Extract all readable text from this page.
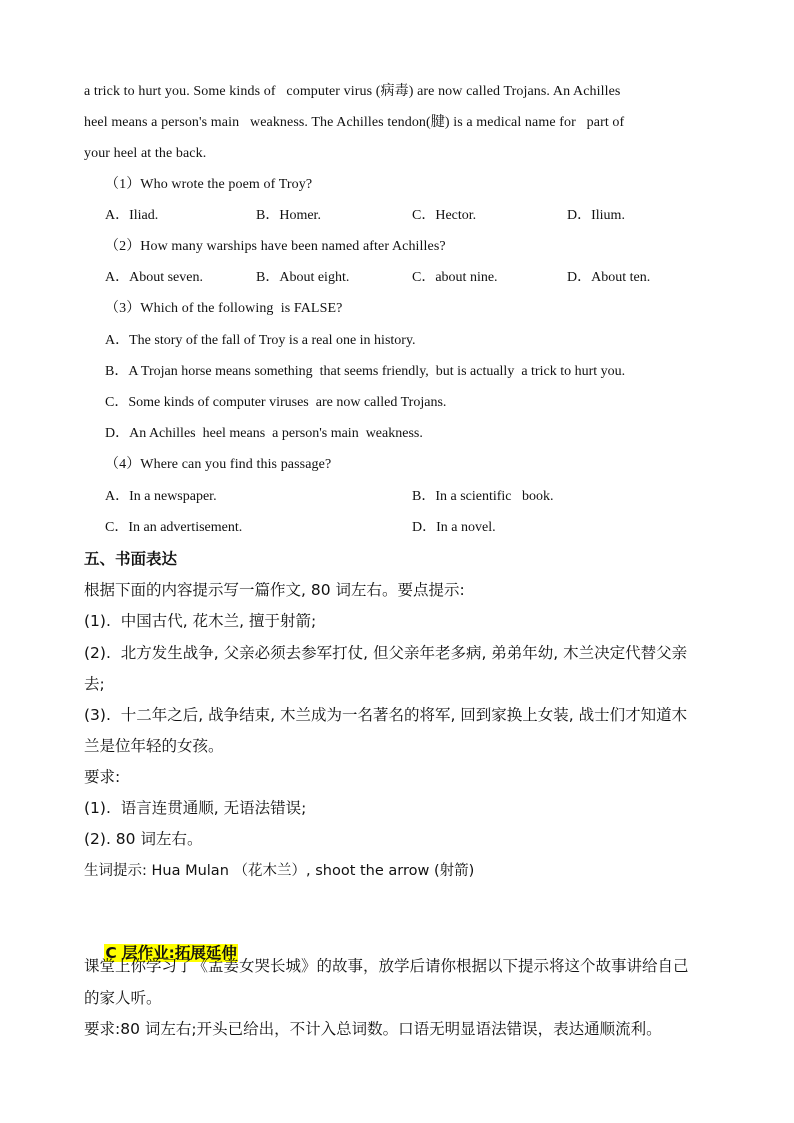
a trick to hurt you. Some kinds of   computer virus (病毒) are now called Trojans. An Achilles
heel means a person's main   weakness. The Achilles tendon(腱) is a medical name for   part of
your heel at the back.
（1）Who wrote the poem of Troy?
A．Iliad.	B．Homer.	C．Hector.	D．Ilium.
（2）How many warships have been named after Achilles?
A．About seven.	B．About eight.	C．about nine.	D．About ten.
（3）Which of the following  is FALSE?
A．The story of the fall of Troy is a real one in history.
B．A Trojan horse means something  that seems friendly,  but is actually  a trick to hurt you.
C．Some kinds of computer viruses  are now called Trojans.
D．An Achilles  heel means  a person's main  weakness.
（4）Where can you find this passage?
A．In a newspaper.	B．In a scientific   book.
C．In an advertisement.	D．In a novel.
五、书面表达
根据下面的内容提示写一篇作文, 80 词左右。要点提示:
(1).  中国古代, 花木兰, 擅于射箭;
(2).  北方发生战争, 父亲必须去参军打仗, 但父亲年老多病, 弟弟年幼, 木兰决定代替父亲
去;
(3).  十二年之后, 战争结束, 木兰成为一名著名的将军, 回到家换上女装, 战士们才知道木
兰是位年轻的女孩。
要求:
(1).  语言连贯通顺, 无语法错误;
(2). 80 词左右。
生词提示: Hua Mulan （花木兰）, shoot the arrow (射箭)

C 层作业:拓展延伸

课堂上你学习了《孟姜女哭长城》的故事，放学后请你根据以下提示将这个故事讲给自己
的家人听。
要求:80 词左右;开头已给出，不计入总词数。口语无明显语法错误，表达通顺流利。
